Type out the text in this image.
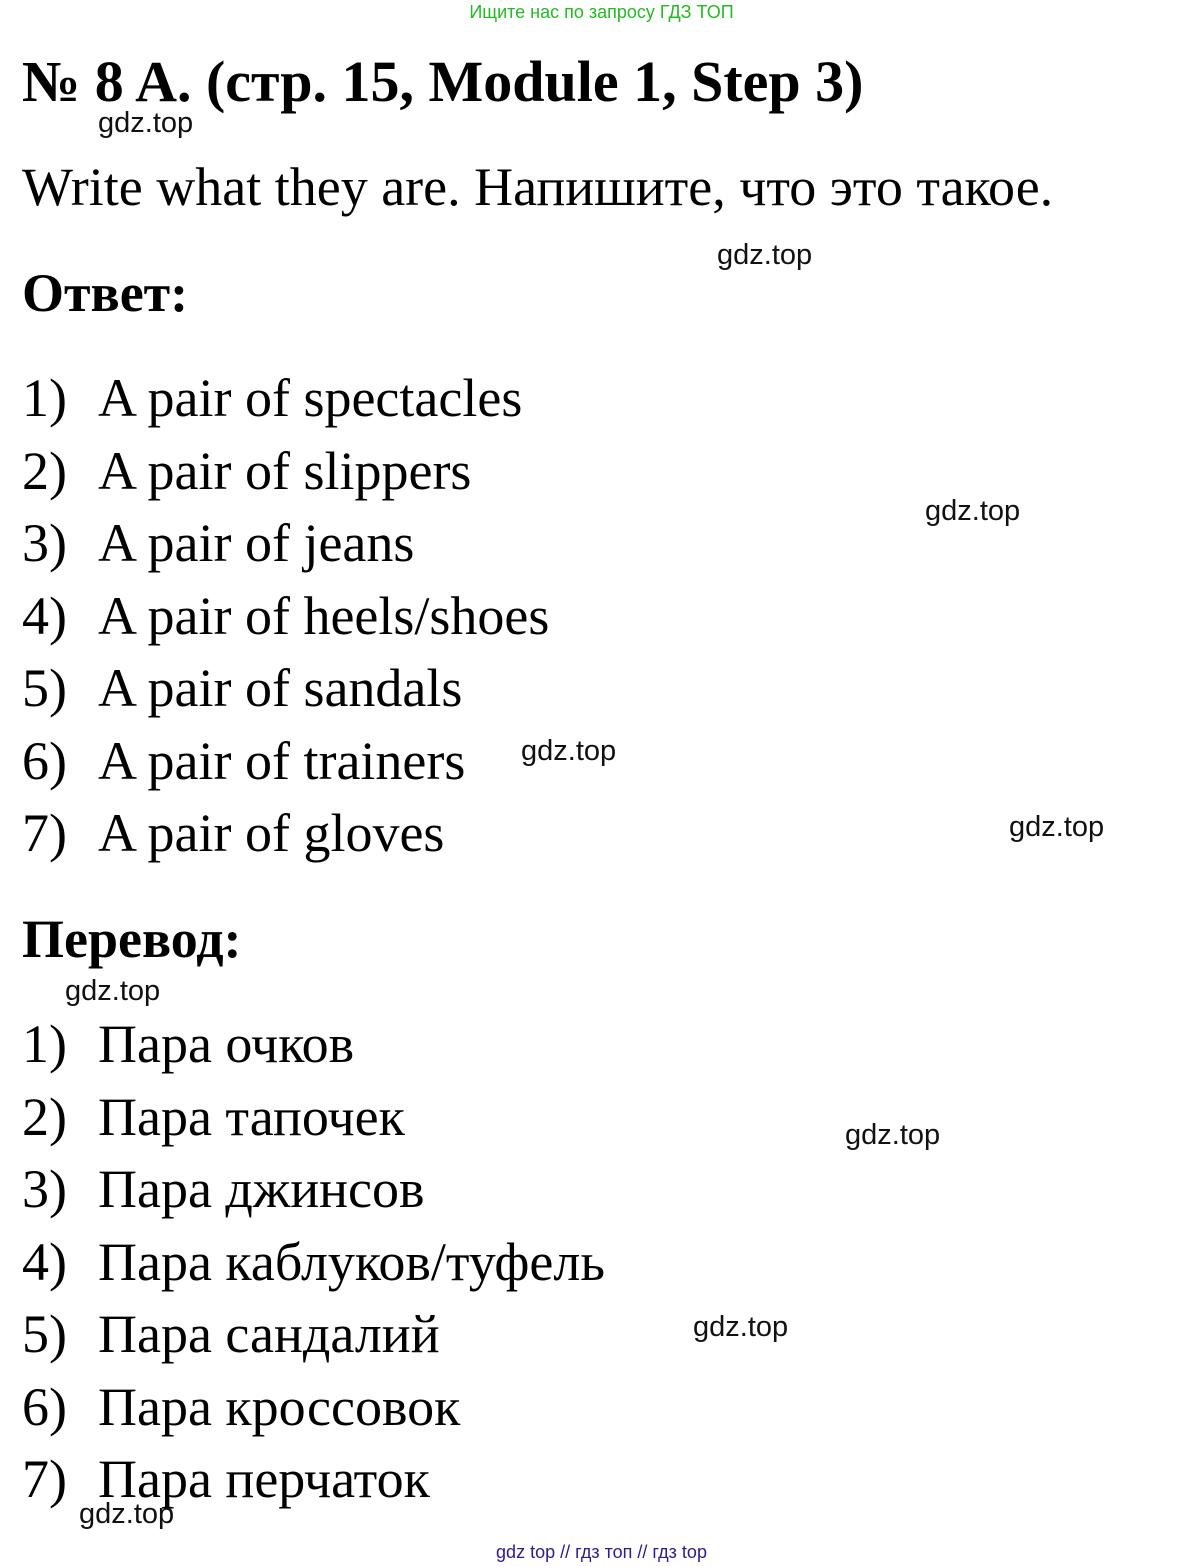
Ищите нас по запросу ГДЗ ТОП
№ 8 A. (стр. 15, Module 1, Step 3)
Write what they are. Напишите, что это такое.
Ответ:
1) A pair of spectacles
2) A pair of slippers
3) A pair of jeans
4) A pair of heels/shoes
5) A pair of sandals
6) A pair of trainers
7) A pair of gloves
Перевод:
1) Пара очков
2) Пара тапочек
3) Пара джинсов
4) Пара каблуков/туфель
5) Пара сандалий
6) Пара кроссовок
7) Пара перчаток
gdz.top
gdz.top
gdz.top
gdz.top
gdz.top
gdz.top
gdz.top
gdz.top
gdz.top
gdz top // гдз топ // гдз top
